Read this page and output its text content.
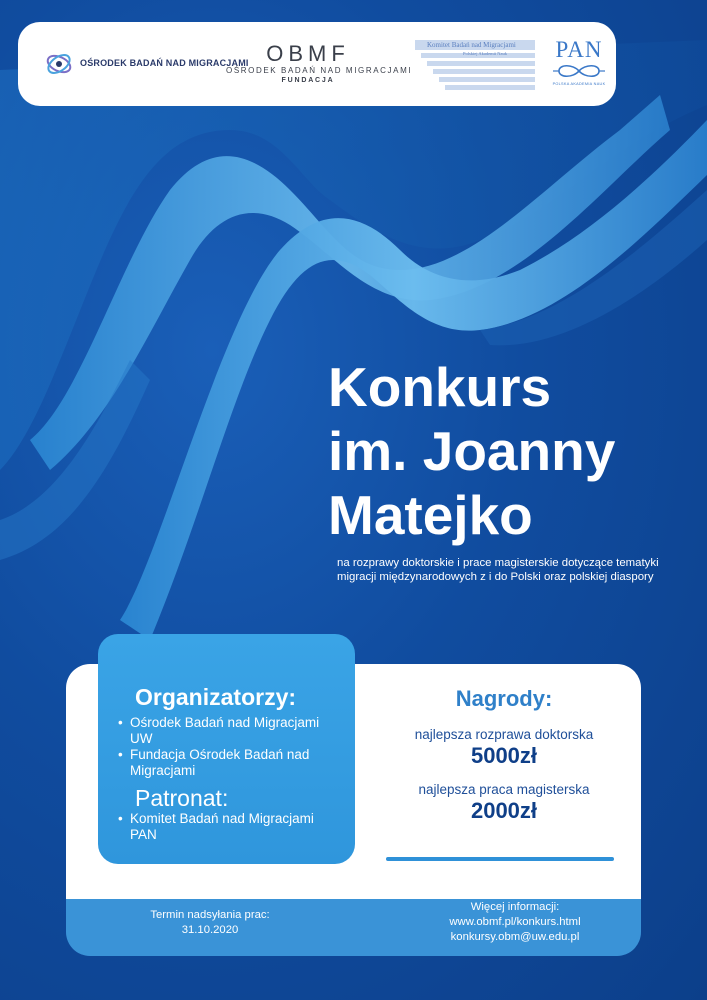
OŚRODEK BADAŃ NAD MIGRACJAMI OBMF
OŚRODEK BADAŃ NAD MIGRACJAMI
FUNDACJA
Komitet Badań nad Migracjami
Polskiej Akademii Nauk PAN
POLSKA AKADEMIA NAUK
Konkurs
im. Joanny
Matejko
na rozprawy doktorskie i prace magisterskie dotyczące tematyki migracji międzynarodowych z i do Polski oraz polskiej diaspory
Organizatorzy:
• Ośrodek Badań nad Migracjami UW
• Fundacja Ośrodek Badań nad Migracjami
Patronat:
• Komitet Badań nad Migracjami PAN
Nagrody:
najlepsza rozprawa doktorska
5000zł
najlepsza praca magisterska
2000zł
Termin nadsyłania prac:
31.10.2020
Więcej informacji:
www.obmf.pl/konkurs.html
konkursy.obm@uw.edu.pl
